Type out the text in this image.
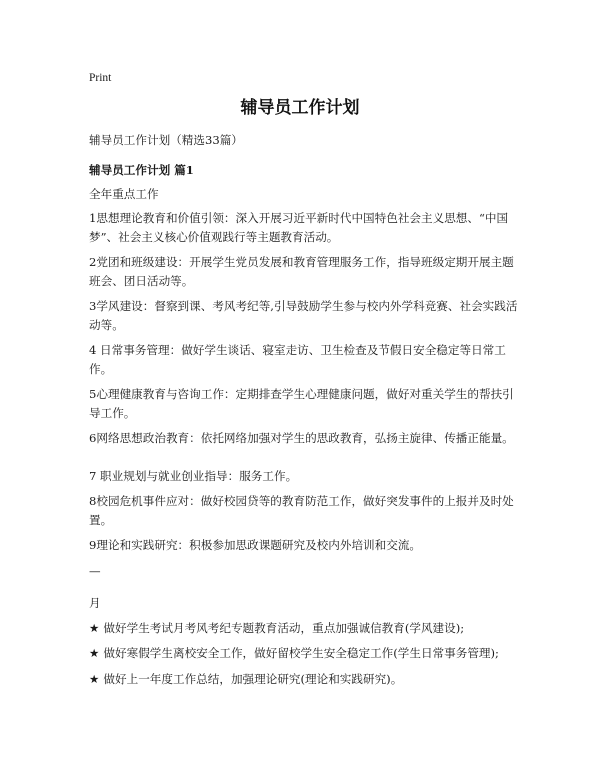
Print
辅导员工作计划

辅导员工作计划（精选33篇）

辅导员工作计划 篇1

全年重点工作

1思想理论教育和价值引领：深入开展习近平新时代中国特色社会主义思想、“中国梦”、社会主义核心价值观践行等主题教育活动。

2党团和班级建设：开展学生党员发展和教育管理服务工作，指导班级定期开展主题班会、团日活动等。

3学风建设：督察到课、考风考纪等,引导鼓励学生参与校内外学科竞赛、社会实践活动等。

4 日常事务管理：做好学生谈话、寝室走访、卫生检查及节假日安全稳定等日常工作。

5心理健康教育与咨询工作：定期排查学生心理健康问题，做好对重关学生的帮扶引导工作。

6网络思想政治教育：依托网络加强对学生的思政教育，弘扬主旋律、传播正能量。

7 职业规划与就业创业指导：服务工作。

8校园危机事件应对：做好校园贷等的教育防范工作，做好突发事件的上报并及时处置。

9理论和实践研究：积极参加思政课题研究及校内外培训和交流。

—

月

★ 做好学生考试月考风考纪专题教育活动，重点加强诚信教育(学风建设);

★ 做好寒假学生离校安全工作，做好留校学生安全稳定工作(学生日常事务管理);

★ 做好上一年度工作总结，加强理论研究(理论和实践研究)。
